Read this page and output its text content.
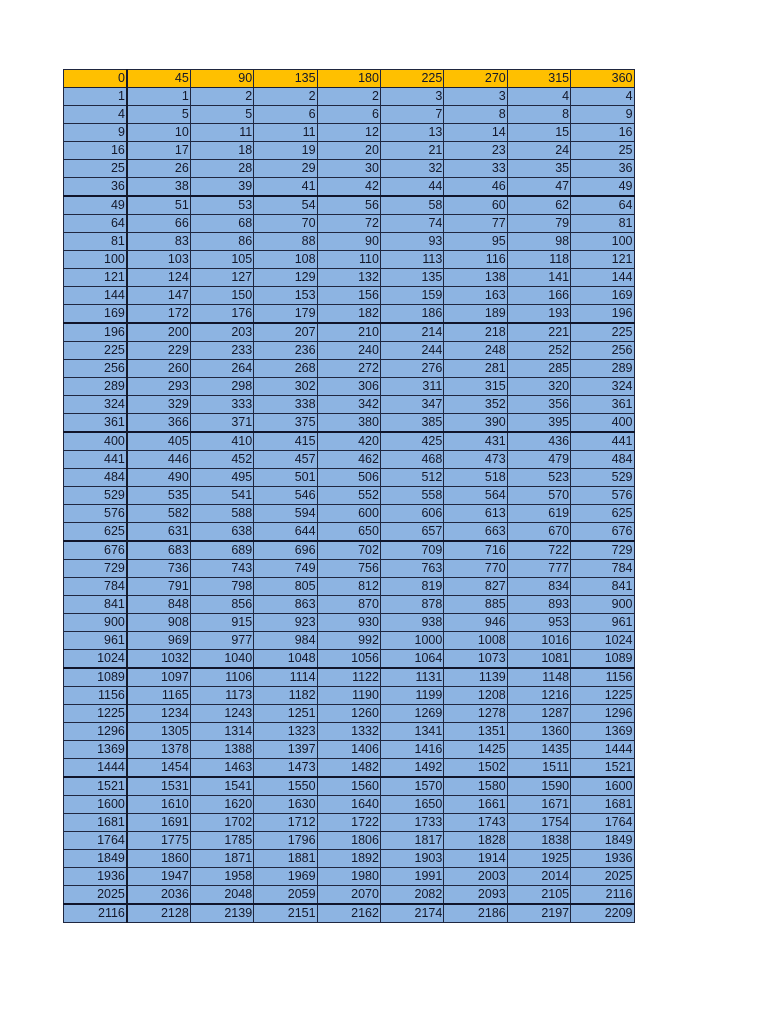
0	45	90	135	180	225	270	315	360
1	1	2	2	2	3	3	4	4
4	5	5	6	6	7	8	8	9
9	10	11	11	12	13	14	15	16
16	17	18	19	20	21	23	24	25
25	26	28	29	30	32	33	35	36
36	38	39	41	42	44	46	47	49
49	51	53	54	56	58	60	62	64
64	66	68	70	72	74	77	79	81
81	83	86	88	90	93	95	98	100
100	103	105	108	110	113	116	118	121
121	124	127	129	132	135	138	141	144
144	147	150	153	156	159	163	166	169
169	172	176	179	182	186	189	193	196
196	200	203	207	210	214	218	221	225
225	229	233	236	240	244	248	252	256
256	260	264	268	272	276	281	285	289
289	293	298	302	306	311	315	320	324
324	329	333	338	342	347	352	356	361
361	366	371	375	380	385	390	395	400
400	405	410	415	420	425	431	436	441
441	446	452	457	462	468	473	479	484
484	490	495	501	506	512	518	523	529
529	535	541	546	552	558	564	570	576
576	582	588	594	600	606	613	619	625
625	631	638	644	650	657	663	670	676
676	683	689	696	702	709	716	722	729
729	736	743	749	756	763	770	777	784
784	791	798	805	812	819	827	834	841
841	848	856	863	870	878	885	893	900
900	908	915	923	930	938	946	953	961
961	969	977	984	992	1000	1008	1016	1024
1024	1032	1040	1048	1056	1064	1073	1081	1089
1089	1097	1106	1114	1122	1131	1139	1148	1156
1156	1165	1173	1182	1190	1199	1208	1216	1225
1225	1234	1243	1251	1260	1269	1278	1287	1296
1296	1305	1314	1323	1332	1341	1351	1360	1369
1369	1378	1388	1397	1406	1416	1425	1435	1444
1444	1454	1463	1473	1482	1492	1502	1511	1521
1521	1531	1541	1550	1560	1570	1580	1590	1600
1600	1610	1620	1630	1640	1650	1661	1671	1681
1681	1691	1702	1712	1722	1733	1743	1754	1764
1764	1775	1785	1796	1806	1817	1828	1838	1849
1849	1860	1871	1881	1892	1903	1914	1925	1936
1936	1947	1958	1969	1980	1991	2003	2014	2025
2025	2036	2048	2059	2070	2082	2093	2105	2116
2116	2128	2139	2151	2162	2174	2186	2197	2209
